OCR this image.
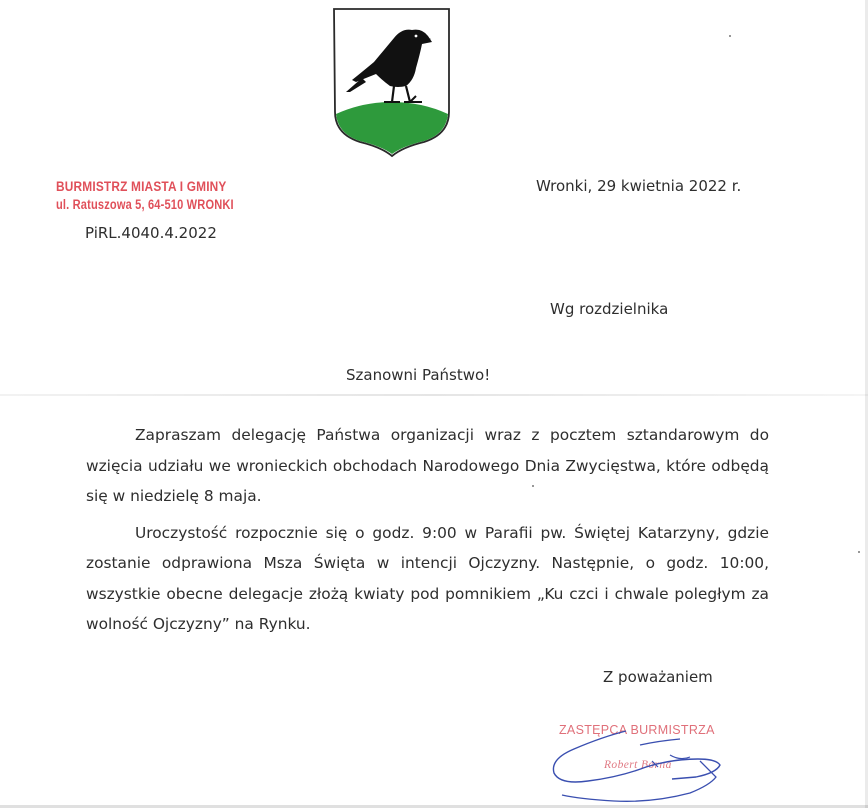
BURMISTRZ MIASTA I GMINY
ul. Ratuszowa 5, 64-510 WRONKI
PiRL.4040.4.2022
Wronki, 29 kwietnia 2022 r.
Wg rozdzielnika
Szanowni Państwo!

Zapraszam delegację Państwa organizacji wraz z pocztem sztandarowym do wzięcia udziału we wronieckich obchodach Narodowego Dnia Zwycięstwa, które odbędą się w niedzielę 8 maja.

Uroczystość rozpocznie się o godz. 9:00 w Parafii pw. Świętej Katarzyny, gdzie zostanie odprawiona Msza Święta w intencji Ojczyzny. Następnie, o godz. 10:00, wszystkie obecne delegacje złożą kwiaty pod pomnikiem „Ku czci i chwale poległym za wolność Ojczyzny” na Rynku.

Z poważaniem
ZASTĘPCA BURMISTRZA
Robert Borna
